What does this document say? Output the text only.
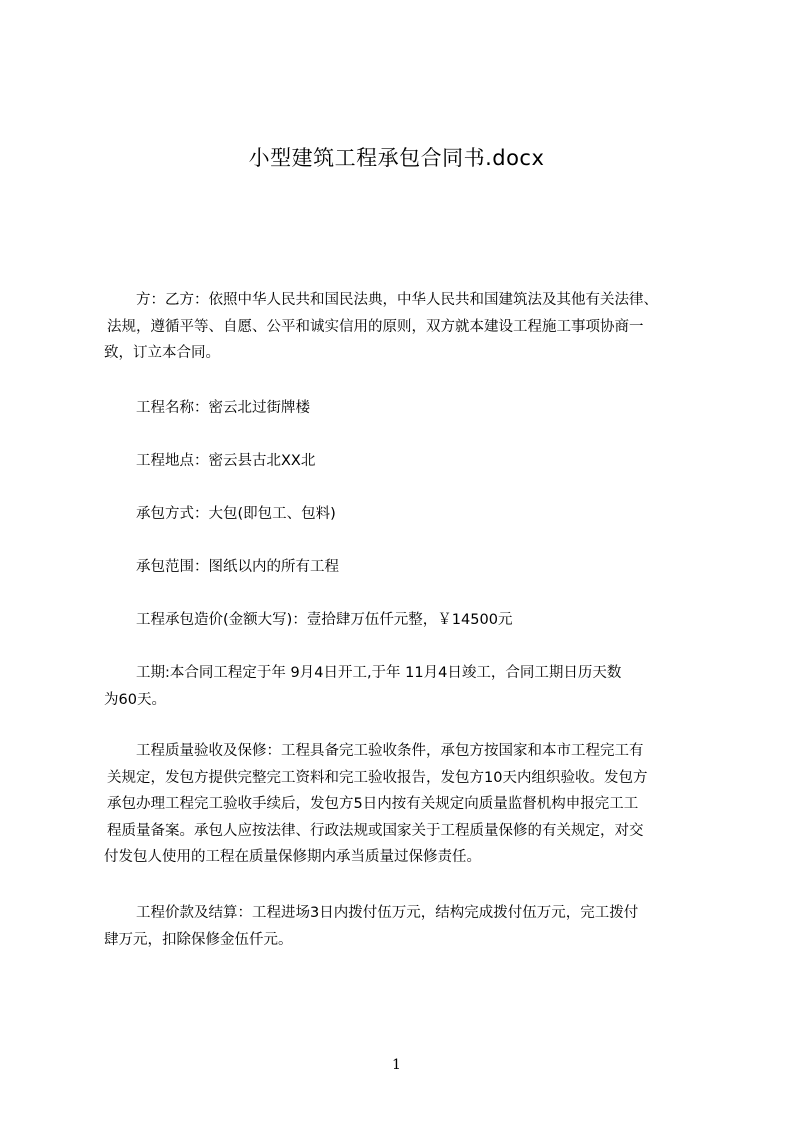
小型建筑工程承包合同书.docx
方：乙方：依照中华人民共和国民法典，中华人民共和国建筑法及其他有关法律、
法规，遵循平等、自愿、公平和诚实信用的原则，双方就本建设工程施工事项协商一
致，订立本合同。
工程名称：密云北过街牌楼
工程地点：密云县古北XX北
承包方式：大包(即包工、包料)
承包范围：图纸以内的所有工程
工程承包造价(金额大写)：壹拾肆万伍仟元整，￥14500元
工期:本合同工程定于年 9月4日开工,于年 11月4日竣工，合同工期日历天数
为60天。
工程质量验收及保修：工程具备完工验收条件，承包方按国家和本市工程完工有
关规定，发包方提供完整完工资料和完工验收报告，发包方10天内组织验收。发包方
承包办理工程完工验收手续后，发包方5日内按有关规定向质量监督机构申报完工工
程质量备案。承包人应按法律、行政法规或国家关于工程质量保修的有关规定，对交
付发包人使用的工程在质量保修期内承当质量过保修责任。
工程价款及结算：工程进场3日内拨付伍万元，结构完成拨付伍万元，完工拨付
肆万元，扣除保修金伍仟元。
1
